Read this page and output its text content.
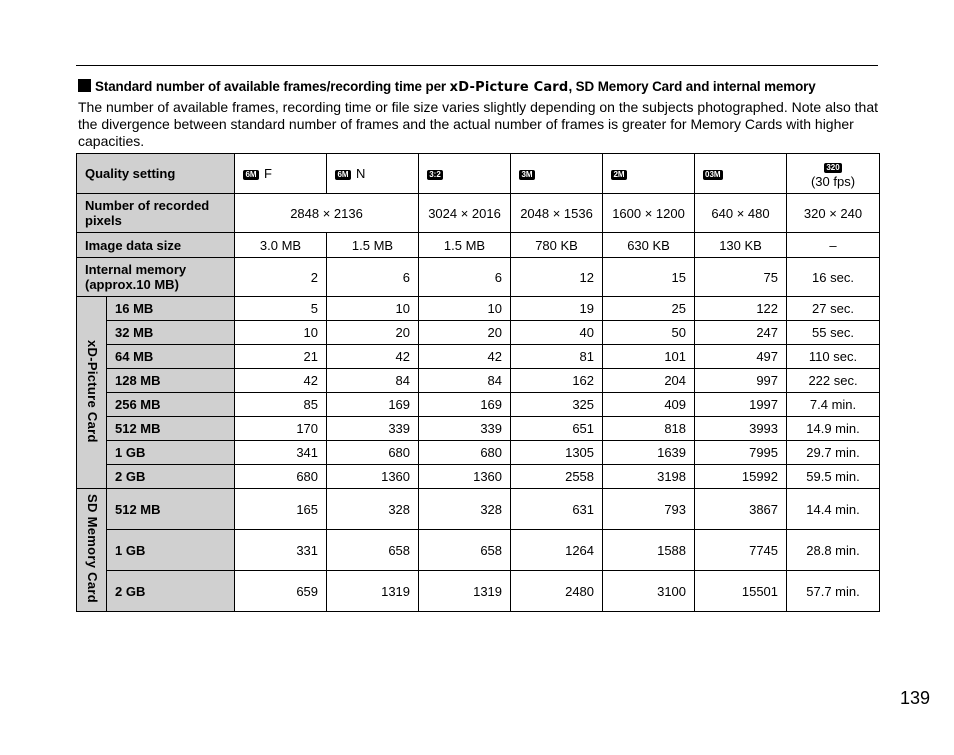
Standard number of available frames/recording time per xD-Picture Card, SD Memory Card and internal memory
The number of available frames, recording time or file size varies slightly depending on the subjects photographed. Note also that the divergence between standard number of frames and the actual number of frames is greater for Memory Cards with higher capacities.
Quality setting		6M F	6M N	3:2	3M	2M	03M	320
(30 fps)
Number of recorded pixels		2848 × 2136		3024 × 2016	2048 × 1536	1600 × 1200	640 × 480	320 × 240
Image data size		3.0 MB	1.5 MB	1.5 MB	780 KB	630 KB	130 KB	–
Internal memory (approx.10 MB)		2	6	6	12	15	75	16 sec.
xD-Picture Card	16 MB	5	10	10	19	25	122	27 sec.
	32 MB	10	20	20	40	50	247	55 sec.
	64 MB	21	42	42	81	101	497	110 sec.
	128 MB	42	84	84	162	204	997	222 sec.
	256 MB	85	169	169	325	409	1997	7.4 min.
	512 MB	170	339	339	651	818	3993	14.9 min.
	1 GB	341	680	680	1305	1639	7995	29.7 min.
	2 GB	680	1360	1360	2558	3198	15992	59.5 min.
SD Memory Card	512 MB	165	328	328	631	793	3867	14.4 min.
	1 GB	331	658	658	1264	1588	7745	28.8 min.
	2 GB	659	1319	1319	2480	3100	15501	57.7 min.
139
